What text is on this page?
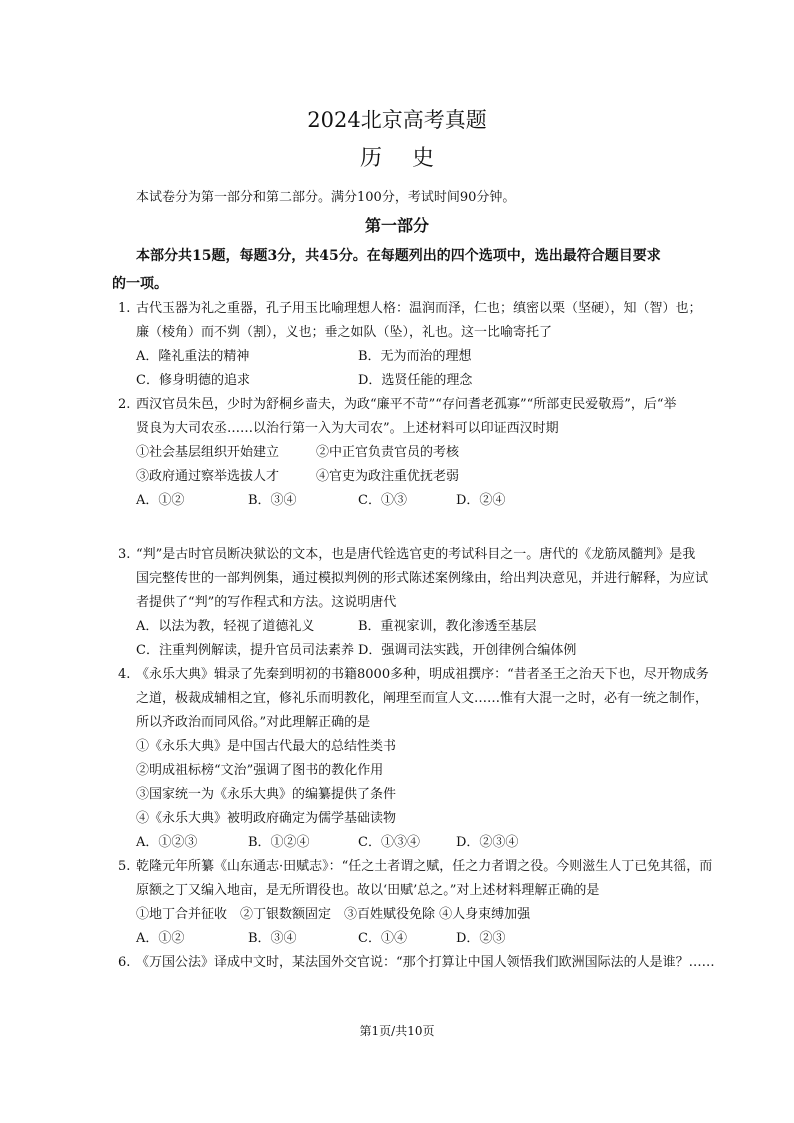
2024北京高考真题
历史
本试卷分为第一部分和第二部分。满分100分，考试时间90分钟。
第一部分
本部分共15题，每题3分，共45分。在每题列出的四个选项中，选出最符合题目要求
的一项。
1. 古代玉器为礼之重器，孔子用玉比喻理想人格：温润而泽，仁也；缜密以栗（坚硬），知（智）也；
廉（棱角）而不刿（割），义也；垂之如队（坠），礼也。这一比喻寄托了
A．隆礼重法的精神	B．无为而治的理想
C．修身明德的追求	D．选贤任能的理念
2. 西汉官员朱邑，少时为舒桐乡啬夫，为政“廉平不苛”“存问耆老孤寡”“所部吏民爱敬焉”，后“举
贤良为大司农丞……以治行第一入为大司农”。上述材料可以印证西汉时期
①社会基层组织开始建立	②中正官负责官员的考核
③政府通过察举选拔人才	④官吏为政注重优抚老弱
A．①②	B．③④	C．①③	D．②④
3. “判”是古时官员断决狱讼的文本，也是唐代铨选官吏的考试科目之一。唐代的《龙筋凤髓判》是我
国完整传世的一部判例集，通过模拟判例的形式陈述案例缘由，给出判决意见，并进行解释，为应试
者提供了“判”的写作程式和方法。这说明唐代
A．以法为教，轻视了道德礼义	B．重视家训，教化渗透至基层
C．注重判例解读，提升官员司法素养 D．强调司法实践，开创律例合编体例
4. 《永乐大典》辑录了先秦到明初的书籍8000多种，明成祖撰序：“昔者圣王之治天下也，尽开物成务
之道，极裁成辅相之宜，修礼乐而明教化，阐理至而宣人文……惟有大混一之时，必有一统之制作，
所以齐政治而同风俗。”对此理解正确的是
①《永乐大典》是中国古代最大的总结性类书
②明成祖标榜“文治”强调了图书的教化作用
③国家统一为《永乐大典》的编纂提供了条件
④《永乐大典》被明政府确定为儒学基础读物
A．①②③	B．①②④	C．①③④	D．②③④
5. 乾隆元年所纂《山东通志·田赋志》：“任之土者谓之赋，任之力者谓之役。今则滋生人丁已免其徭，而
原额之丁又编入地亩，是无所谓役也。故以‘田赋’总之。”对上述材料理解正确的是
①地丁合并征收　②丁银数额固定　③百姓赋役免除 ④人身束缚加强
A．①②	B．③④	C．①④	D．②③
6. 《万国公法》译成中文时，某法国外交官说：“那个打算让中国人领悟我们欧洲国际法的人是谁？……
第1页/共10页
